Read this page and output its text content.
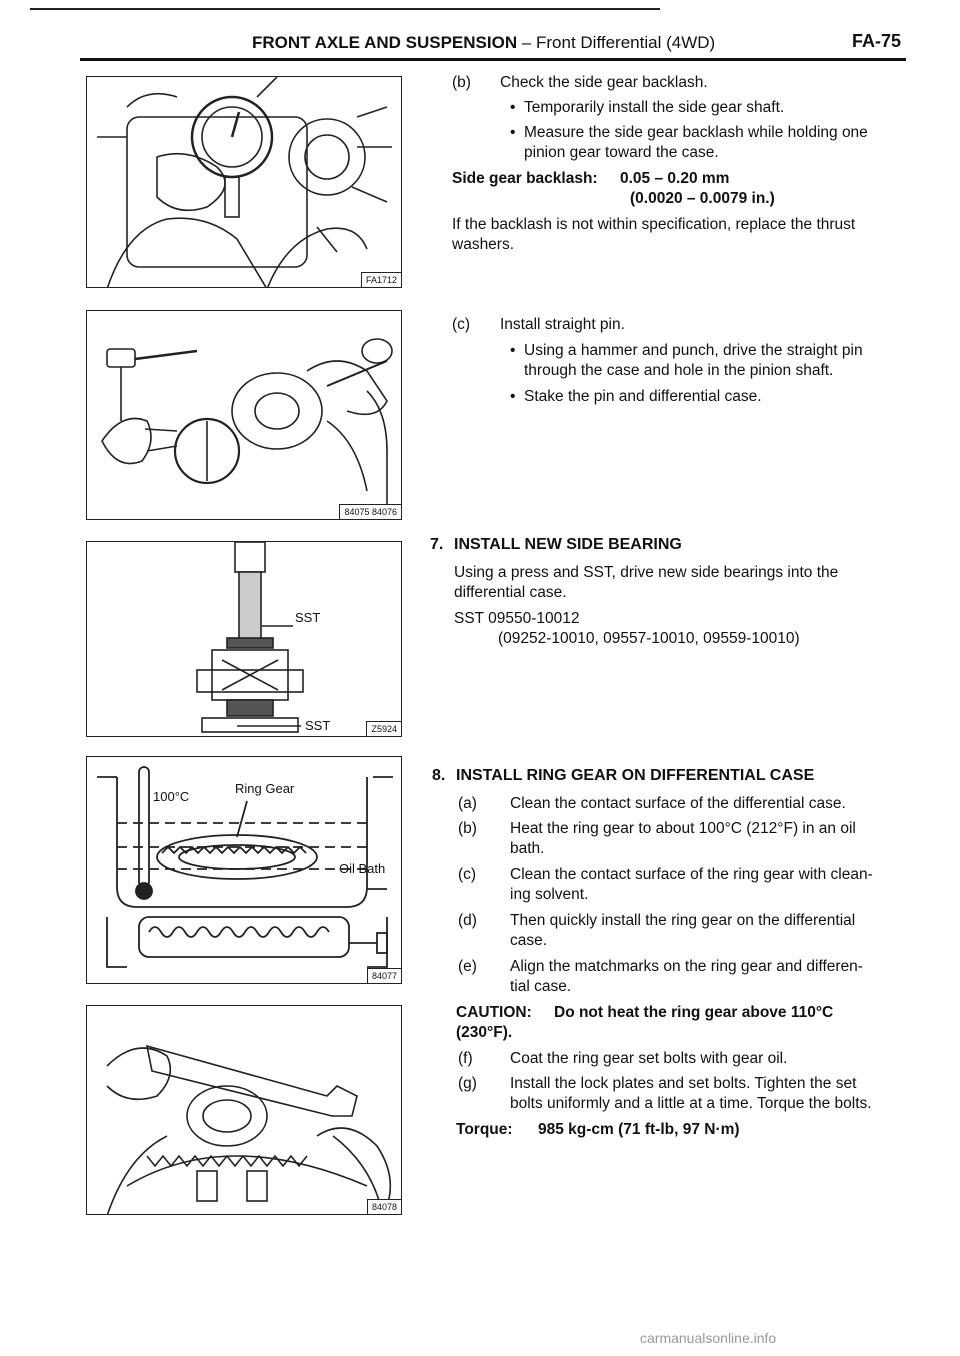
FRONT AXLE AND SUSPENSION – Front Differential (4WD)	FA-75
FA1712
84075 84076
SST
SST	Z5924
100°C
Ring Gear
Oil Bath
84077
84078
(b) Check the side gear backlash.
• Temporarily install the side gear shaft.
• Measure the side gear backlash while holding one
pinion gear toward the case.
Side gear backlash: 0.05 – 0.20 mm
(0.0020 – 0.0079 in.)
If the backlash is not within specification, replace the thrust
washers.
(c) Install straight pin.
• Using a hammer and punch, drive the straight pin
through the case and hole in the pinion shaft.
• Stake the pin and differential case.
7. INSTALL NEW SIDE BEARING
Using a press and SST, drive new side bearings into the
differential case.
SST 09550-10012
(09252-10010, 09557-10010, 09559-10010)
8. INSTALL RING GEAR ON DIFFERENTIAL CASE
(a) Clean the contact surface of the differential case.
(b) Heat the ring gear to about 100°C (212°F) in an oil
bath.
(c) Clean the contact surface of the ring gear with clean-
ing solvent.
(d) Then quickly install the ring gear on the differential
case.
(e) Align the matchmarks on the ring gear and differen-
tial case.
CAUTION: Do not heat the ring gear above 110°C
(230°F).
(f) Coat the ring gear set bolts with gear oil.
(g) Install the lock plates and set bolts. Tighten the set
bolts uniformly and a little at a time. Torque the bolts.
Torque: 985 kg-cm (71 ft-lb, 97 N·m)
carmanualsonline.info
